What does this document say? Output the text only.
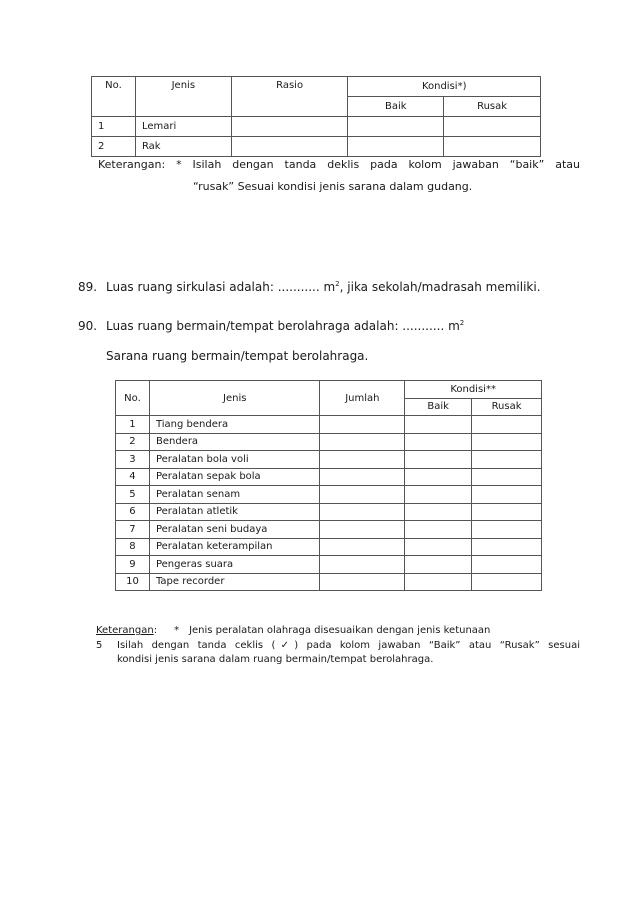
No.	Jenis	Rasio	Kondisi*)	
			Baik	Rusak
1	Lemari			
2	Rak			
Keterangan: * Isilah dengan tanda deklis pada kolom jawaban “baik” atau
“rusak” Sesuai kondisi jenis sarana dalam gudang.
89. Luas ruang sirkulasi adalah: ........... $m^2$, jika sekolah/madrasah memiliki.
90. Luas ruang bermain/tempat berolahraga adalah: ........... $m^2$
Sarana ruang bermain/tempat berolahraga.
No.	Jenis	Jumlah	Kondisi**	
			Baik	Rusak
1	Tiang bendera			
2	Bendera			
3	Peralatan bola voli			
4	Peralatan sepak bola			
5	Peralatan senam			
6	Peralatan atletik			
7	Peralatan seni budaya			
8	Peralatan keterampilan			
9	Pengeras suara			
10	Tape recorder			
Keterangan: * Jenis peralatan olahraga disesuaikan dengan jenis ketunaan
5 Isilah dengan tanda ceklis (✓) pada kolom jawaban “Baik” atau “Rusak” sesuai
kondisi jenis sarana dalam ruang bermain/tempat berolahraga.
